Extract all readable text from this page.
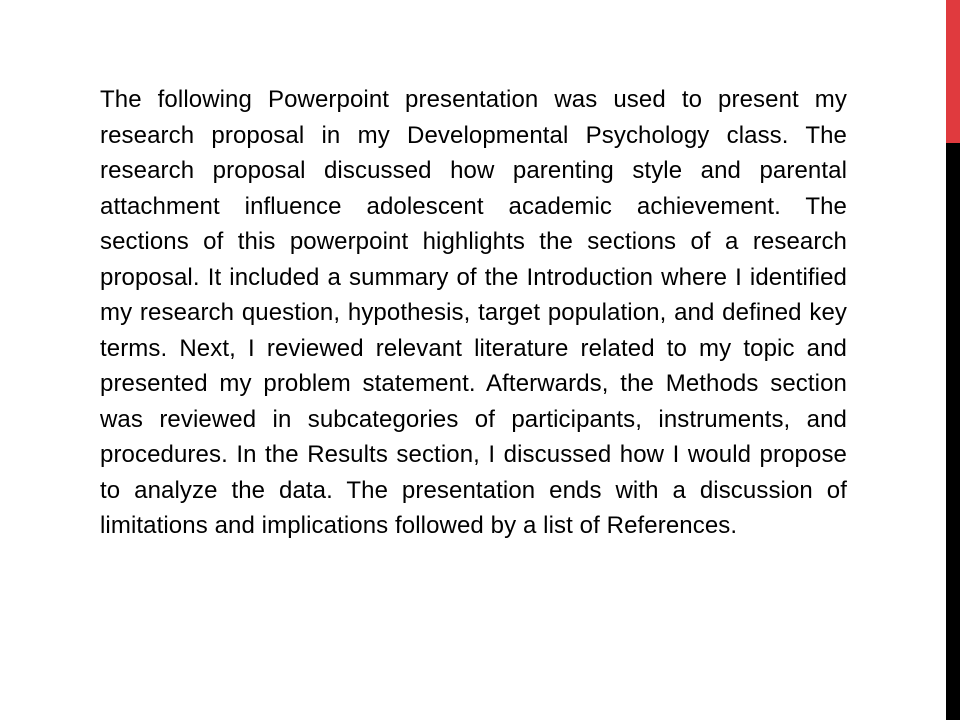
The following Powerpoint presentation was used to present my research proposal in my Developmental Psychology class. The research proposal discussed how parenting style and parental attachment influence adolescent academic achievement. The sections of this powerpoint highlights the sections of a research proposal. It included a summary of the Introduction where I identified my research question, hypothesis, target population, and defined key terms. Next, I reviewed relevant literature related to my topic and presented my problem statement. Afterwards, the Methods section was reviewed in subcategories of participants, instruments, and procedures. In the Results section, I discussed how I would propose to analyze the data. The presentation ends with a discussion of limitations and implications followed by a list of References.
